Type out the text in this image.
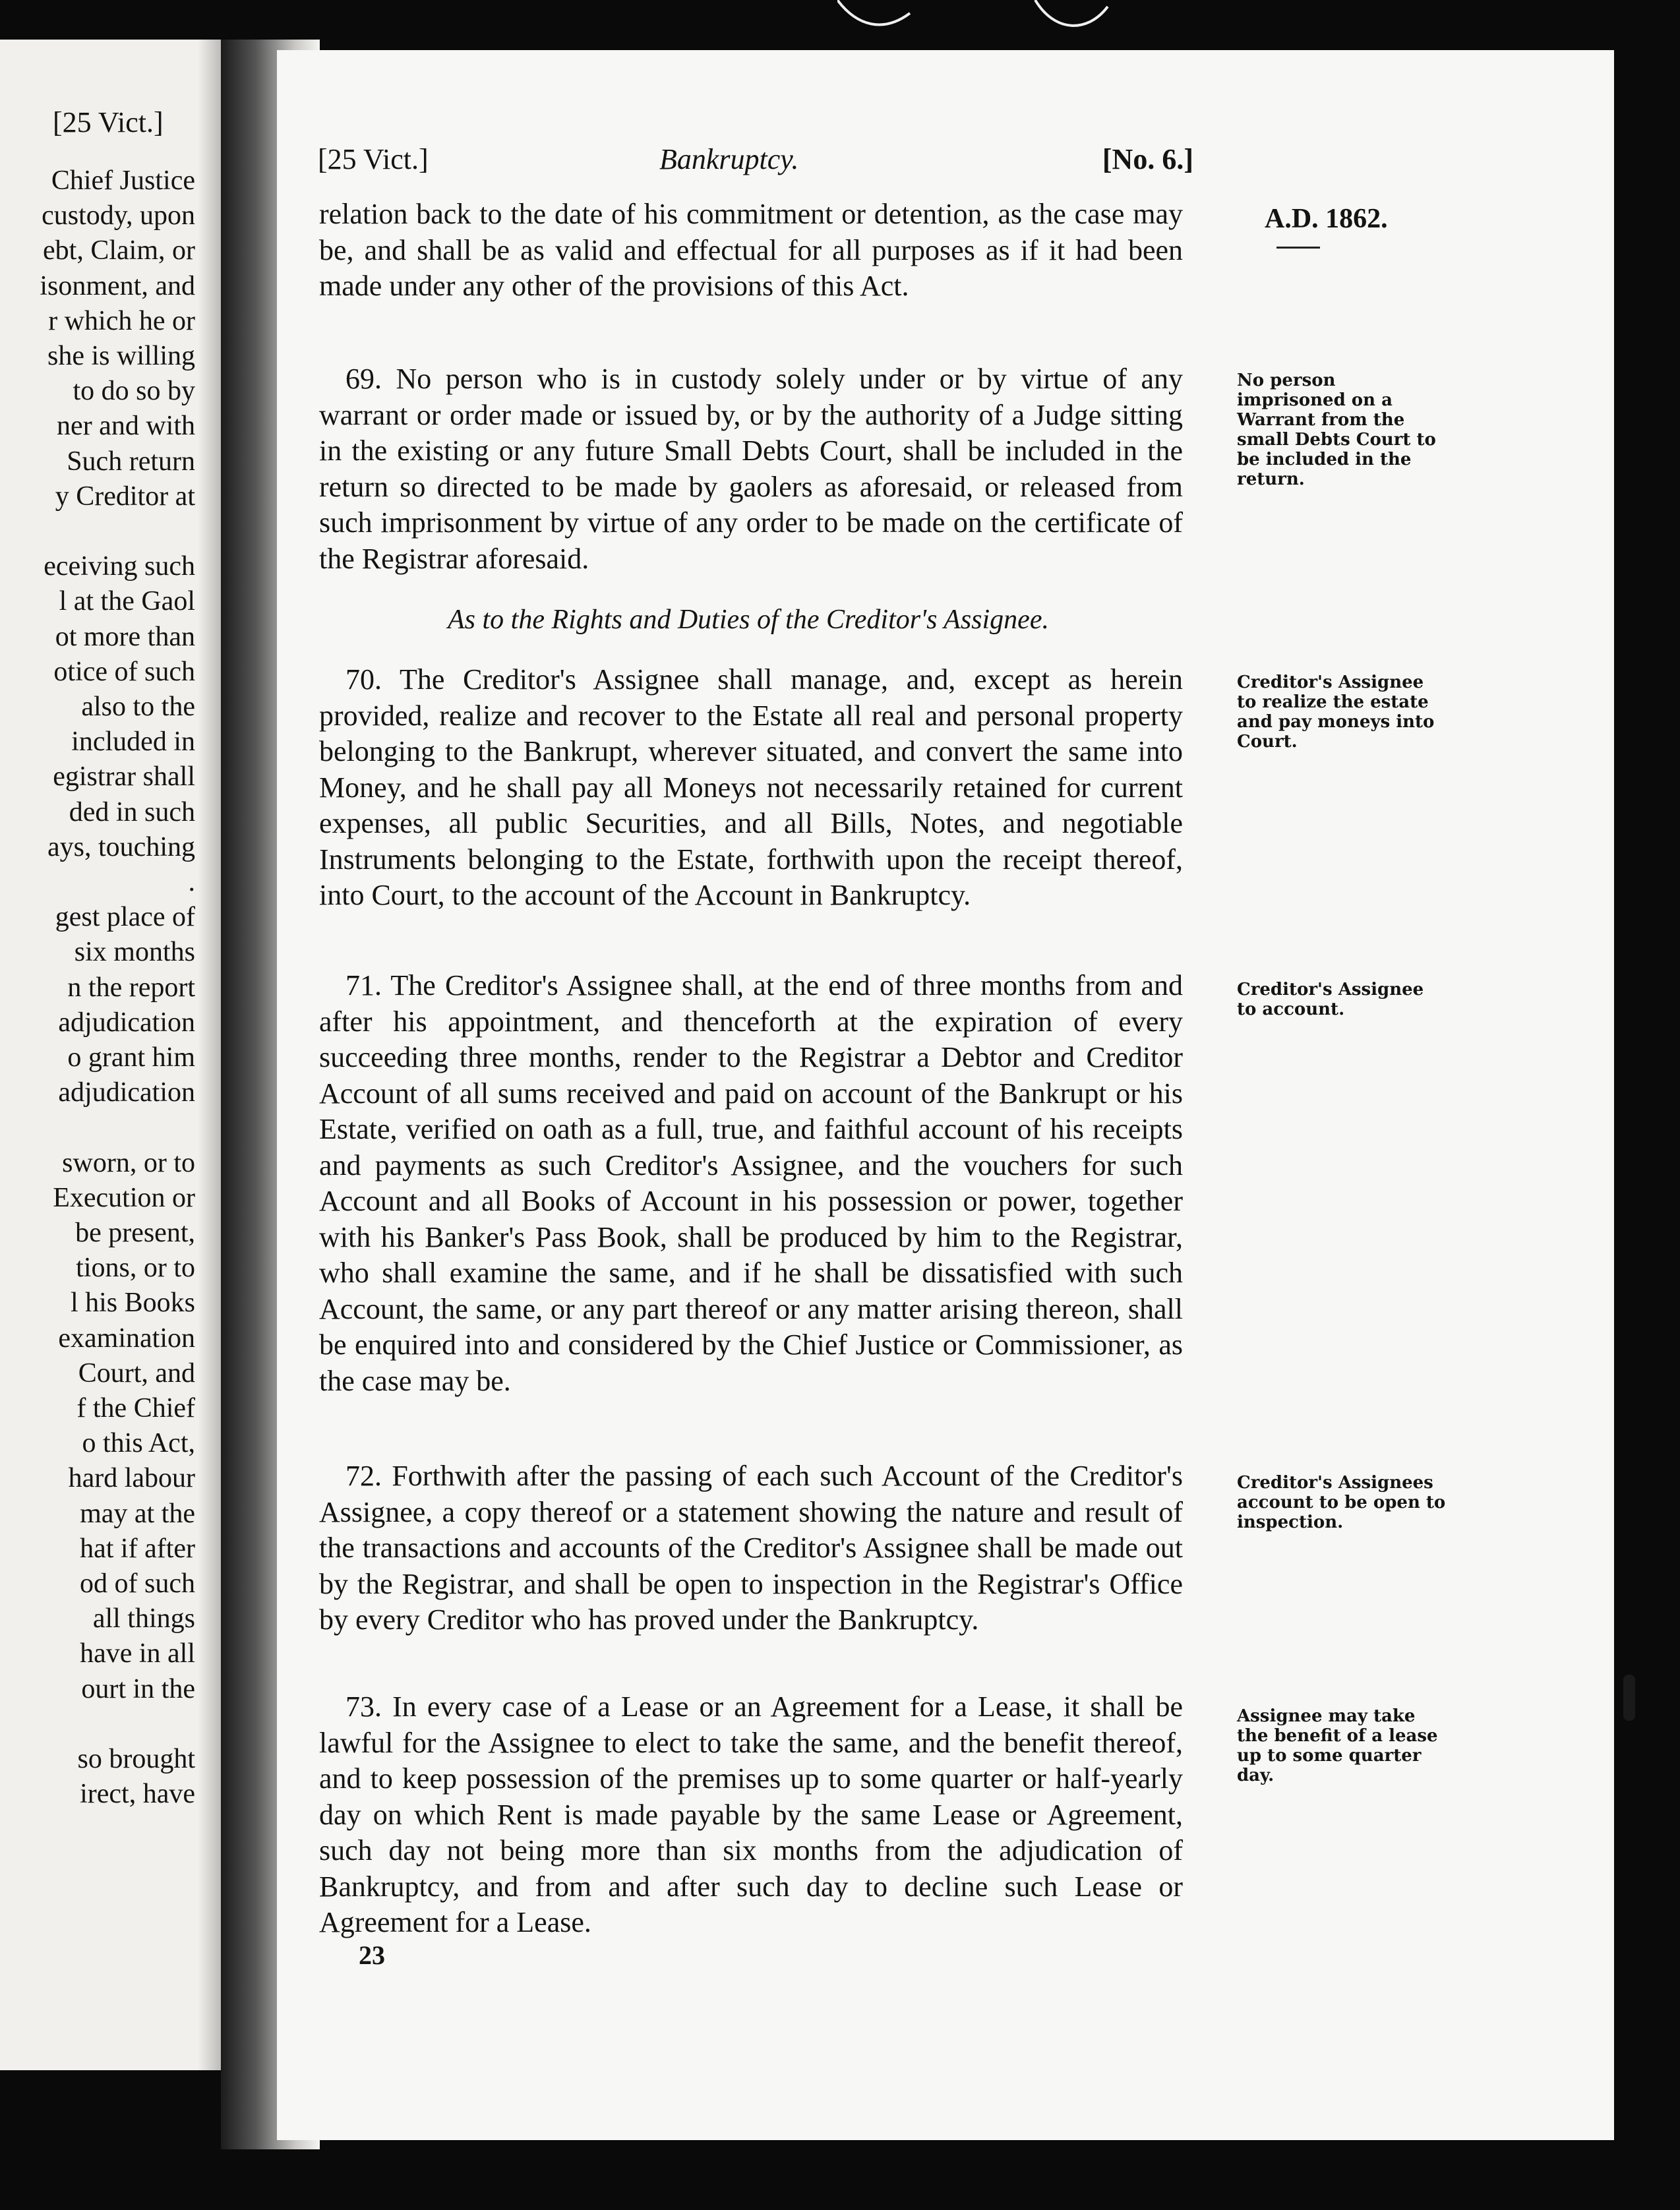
[25 Vict.]
Chief Justice
custody, upon
ebt, Claim, or
isonment, and
r which he or
she is willing
to do so by
ner and with
Such return
y Creditor at
eceiving such
l at the Gaol
ot more than
otice of such
also to the
included in
egistrar shall
ded in such
ays, touching
.
gest place of
six months
n the report
adjudication
o grant him
adjudication
sworn, or to
Execution or
be present,
tions, or to
l his Books
examination
Court, and
f the Chief
o this Act,
hard labour
may at the
hat if after
od of such
all things
have in all
ourt in the
so brought
irect, have
[25 Vict.]	Bankruptcy.	[No. 6.]
A.D. 1862.

relation back to the date of his commitment or detention, as the case may be, and shall be as valid and effectual for all purposes as if it had been made under any other of the provisions of this Act.

69. No person who is in custody solely under or by virtue of any warrant or order made or issued by, or by the authority of a Judge sitting in the existing or any future Small Debts Court, shall be included in the return so directed to be made by gaolers as aforesaid, or released from such imprisonment by virtue of any order to be made on the certificate of the Registrar aforesaid.

No person imprisoned on a Warrant from the small Debts Court to be included in the return.
As to the Rights and Duties of the Creditor's Assignee.

70. The Creditor's Assignee shall manage, and, except as herein provided, realize and recover to the Estate all real and personal property belonging to the Bankrupt, wherever situated, and convert the same into Money, and he shall pay all Moneys not necessarily retained for current expenses, all public Securities, and all Bills, Notes, and negotiable Instruments belonging to the Estate, forthwith upon the receipt thereof, into Court, to the account of the Account in Bankruptcy.

Creditor's Assignee to realize the estate and pay moneys into Court.

71. The Creditor's Assignee shall, at the end of three months from and after his appointment, and thenceforth at the expiration of every succeeding three months, render to the Registrar a Debtor and Creditor Account of all sums received and paid on account of the Bankrupt or his Estate, verified on oath as a full, true, and faithful account of his receipts and payments as such Creditor's Assignee, and the vouchers for such Account and all Books of Account in his possession or power, together with his Banker's Pass Book, shall be produced by him to the Registrar, who shall examine the same, and if he shall be dissatisfied with such Account, the same, or any part thereof or any matter arising thereon, shall be enquired into and considered by the Chief Justice or Commissioner, as the case may be.

Creditor's Assignee to account.

72. Forthwith after the passing of each such Account of the Creditor's Assignee, a copy thereof or a statement showing the nature and result of the transactions and accounts of the Creditor's Assignee shall be made out by the Registrar, and shall be open to inspection in the Registrar's Office by every Creditor who has proved under the Bankruptcy.

Creditor's Assignees account to be open to inspection.

73. In every case of a Lease or an Agreement for a Lease, it shall be lawful for the Assignee to elect to take the same, and the benefit thereof, and to keep possession of the premises up to some quarter or half-yearly day on which Rent is made payable by the same Lease or Agreement, such day not being more than six months from the adjudication of Bankruptcy, and from and after such day to decline such Lease or Agreement for a Lease.

Assignee may take the benefit of a lease up to some quarter day.
23
